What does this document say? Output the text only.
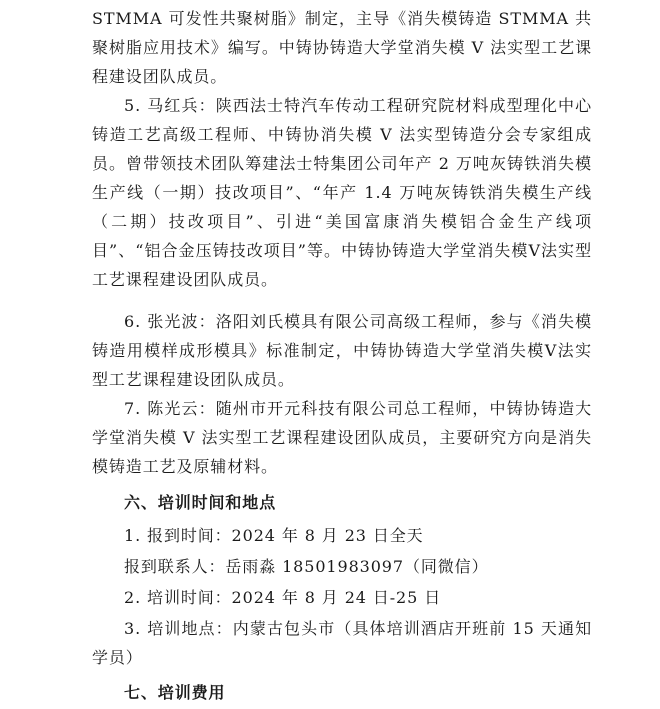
STMMA 可发性共聚树脂》制定，主导《消失模铸造 STMMA 共聚树脂应用技术》编写。中铸协铸造大学堂消失模 V 法实型工艺课程建设团队成员。

5. 马红兵：陕西法士特汽车传动工程研究院材料成型理化中心铸造工艺高级工程师、中铸协消失模 V 法实型铸造分会专家组成员。曾带领技术团队筹建法士特集团公司年产 2 万吨灰铸铁消失模生产线（一期）技改项目”、“年产 1.4 万吨灰铸铁消失模生产线（二期）技改项目”、引进“美国富康消失模铝合金生产线项目”、“铝合金压铸技改项目”等。中铸协铸造大学堂消失模Ⅴ法实型工艺课程建设团队成员。

6. 张光波：洛阳刘氏模具有限公司高级工程师，参与《消失模铸造用模样成形模具》标准制定，中铸协铸造大学堂消失模Ⅴ法实型工艺课程建设团队成员。

7. 陈光云：随州市开元科技有限公司总工程师，中铸协铸造大学堂消失模 V 法实型工艺课程建设团队成员，主要研究方向是消失模铸造工艺及原辅材料。

六、培训时间和地点

1. 报到时间：2024 年 8 月 23 日全天

报到联系人：岳雨淼 18501983097（同微信）

2. 培训时间：2024 年 8 月 24 日-25 日

3. 培训地点：内蒙古包头市（具体培训酒店开班前 15 天通知学员）

七、培训费用
